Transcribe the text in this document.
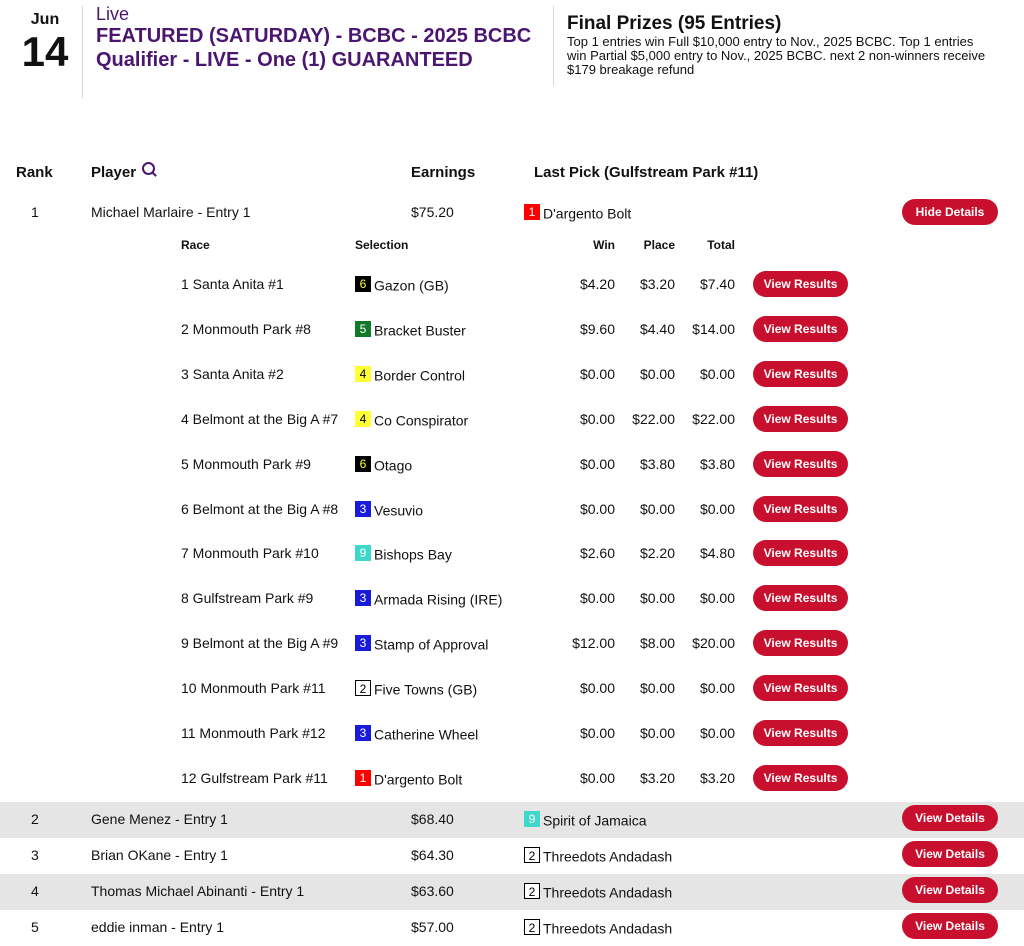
Jun
14
Live
FEATURED (SATURDAY) - BCBC - 2025 BCBC Qualifier - LIVE - One (1) GUARANTEED
Final Prizes (95 Entries)
Top 1 entries win Full $10,000 entry to Nov., 2025 BCBC. Top 1 entries win Partial $5,000 entry to Nov., 2025 BCBC. next 2 non-winners receive $179 breakage refund
Rank	Player	Earnings	Last Pick (Gulfstream Park #11)
1	Michael Marlaire - Entry 1	$75.20	1 D'argento Bolt	Hide Details
2	Gene Menez - Entry 1	$68.40	9 Spirit of Jamaica	View Details
3	Brian OKane - Entry 1	$64.30	2 Threedots Andadash	View Details
4	Thomas Michael Abinanti - Entry 1	$63.60	2 Threedots Andadash	View Details
5	eddie inman - Entry 1	$57.00	2 Threedots Andadash	View Details
Race	Selection	Win	Place	Total
1 Santa Anita #1	6 Gazon (GB)	$4.20	$3.20	$7.40	View Results
2 Monmouth Park #8	5 Bracket Buster	$9.60	$4.40	$14.00	View Results
3 Santa Anita #2	4 Border Control	$0.00	$0.00	$0.00	View Results
4 Belmont at the Big A #7	4 Co Conspirator	$0.00	$22.00	$22.00	View Results
5 Monmouth Park #9	6 Otago	$0.00	$3.80	$3.80	View Results
6 Belmont at the Big A #8	3 Vesuvio	$0.00	$0.00	$0.00	View Results
7 Monmouth Park #10	9 Bishops Bay	$2.60	$2.20	$4.80	View Results
8 Gulfstream Park #9	3 Armada Rising (IRE)	$0.00	$0.00	$0.00	View Results
9 Belmont at the Big A #9	3 Stamp of Approval	$12.00	$8.00	$20.00	View Results
10 Monmouth Park #11	2 Five Towns (GB)	$0.00	$0.00	$0.00	View Results
11 Monmouth Park #12	3 Catherine Wheel	$0.00	$0.00	$0.00	View Results
12 Gulfstream Park #11	1 D'argento Bolt	$0.00	$3.20	$3.20	View Results
